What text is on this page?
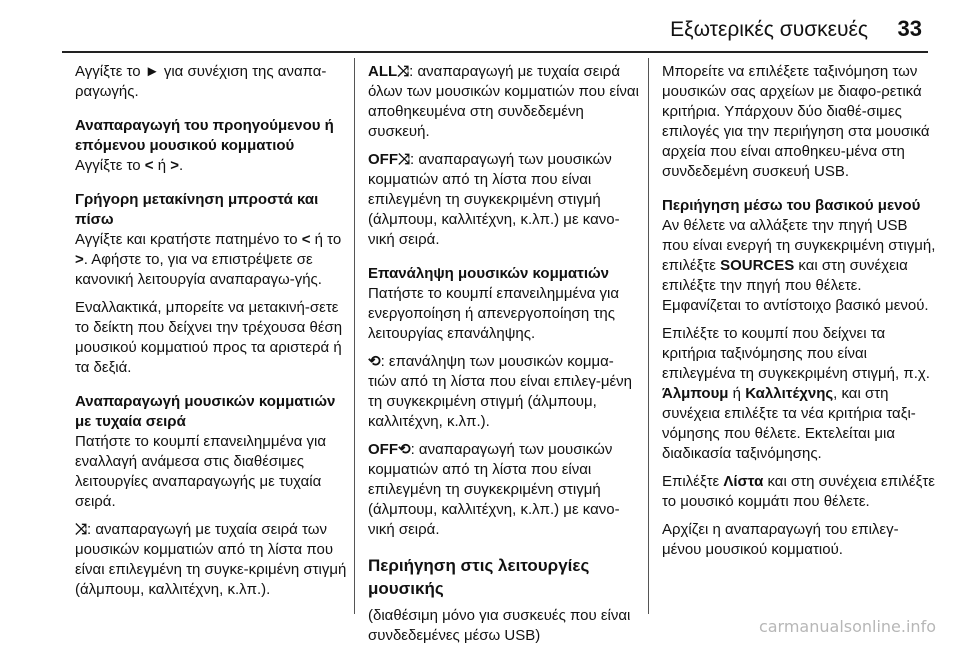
Εξωτερικές συσκευές 33

Αγγίξτε το ► για συνέχιση της αναπα-ραγωγής.

Αναπαραγωγή του προηγούμενου ή επόμενου μουσικού κομματιού

Αγγίξτε το < ή >.

Γρήγορη μετακίνηση μπροστά και πίσω

Αγγίξτε και κρατήστε πατημένο το < ή το >. Αφήστε το, για να επιστρέψετε σε κανονική λειτουργία αναπαραγω-γής.

Εναλλακτικά, μπορείτε να μετακινή-σετε το δείκτη που δείχνει την τρέχουσα θέση μουσικού κομματιού προς τα αριστερά ή τα δεξιά.

Αναπαραγωγή μουσικών κομματιών με τυχαία σειρά

Πατήστε το κουμπί επανειλημμένα για εναλλαγή ανάμεσα στις διαθέσιμες λειτουργίες αναπαραγωγής με τυχαία σειρά.

⤨: αναπαραγωγή με τυχαία σειρά των μουσικών κομματιών από τη λίστα που είναι επιλεγμένη τη συγκε-κριμένη στιγμή (άλμπουμ, καλλιτέχνη, κ.λπ.).

ALL⤨: αναπαραγωγή με τυχαία σειρά όλων των μουσικών κομματιών που είναι αποθηκευμένα στη συνδεδεμένη συσκευή.

OFF⤨: αναπαραγωγή των μουσικών κομματιών από τη λίστα που είναι επιλεγμένη τη συγκεκριμένη στιγμή (άλμπουμ, καλλιτέχνη, κ.λπ.) με κανο-νική σειρά.

Επανάληψη μουσικών κομματιών

Πατήστε το κουμπί επανειλημμένα για ενεργοποίηση ή απενεργοποίηση της λειτουργίας επανάληψης.

⟲: επανάληψη των μουσικών κομμα-τιών από τη λίστα που είναι επιλεγ-μένη τη συγκεκριμένη στιγμή (άλμπουμ, καλλιτέχνη, κ.λπ.).

OFF⟲: αναπαραγωγή των μουσικών κομματιών από τη λίστα που είναι επιλεγμένη τη συγκεκριμένη στιγμή (άλμπουμ, καλλιτέχνη, κ.λπ.) με κανο-νική σειρά.

Περιήγηση στις λειτουργίες μουσικής

(διαθέσιμη μόνο για συσκευές που είναι συνδεδεμένες μέσω USB)

Μπορείτε να επιλέξετε ταξινόμηση των μουσικών σας αρχείων με διαφο-ρετικά κριτήρια. Υπάρχουν δύο διαθέ-σιμες επιλογές για την περιήγηση στα μουσικά αρχεία που είναι αποθηκευ-μένα στη συνδεδεμένη συσκευή USB.

Περιήγηση μέσω του βασικού μενού

Αν θέλετε να αλλάξετε την πηγή USB που είναι ενεργή τη συγκεκριμένη στιγμή, επιλέξτε SOURCES και στη συνέχεια επιλέξτε την πηγή που θέλετε. Εμφανίζεται το αντίστοιχο βασικό μενού.

Επιλέξτε το κουμπί που δείχνει τα κριτήρια ταξινόμησης που είναι επιλεγμένα τη συγκεκριμένη στιγμή, π.χ. Άλμπουμ ή Καλλιτέχνης, και στη συνέχεια επιλέξτε τα νέα κριτήρια ταξι-νόμησης που θέλετε. Εκτελείται μια διαδικασία ταξινόμησης.

Επιλέξτε Λίστα και στη συνέχεια επιλέξτε το μουσικό κομμάτι που θέλετε.

Αρχίζει η αναπαραγωγή του επιλεγ-μένου μουσικού κομματιού.

carmanualsonline.info
